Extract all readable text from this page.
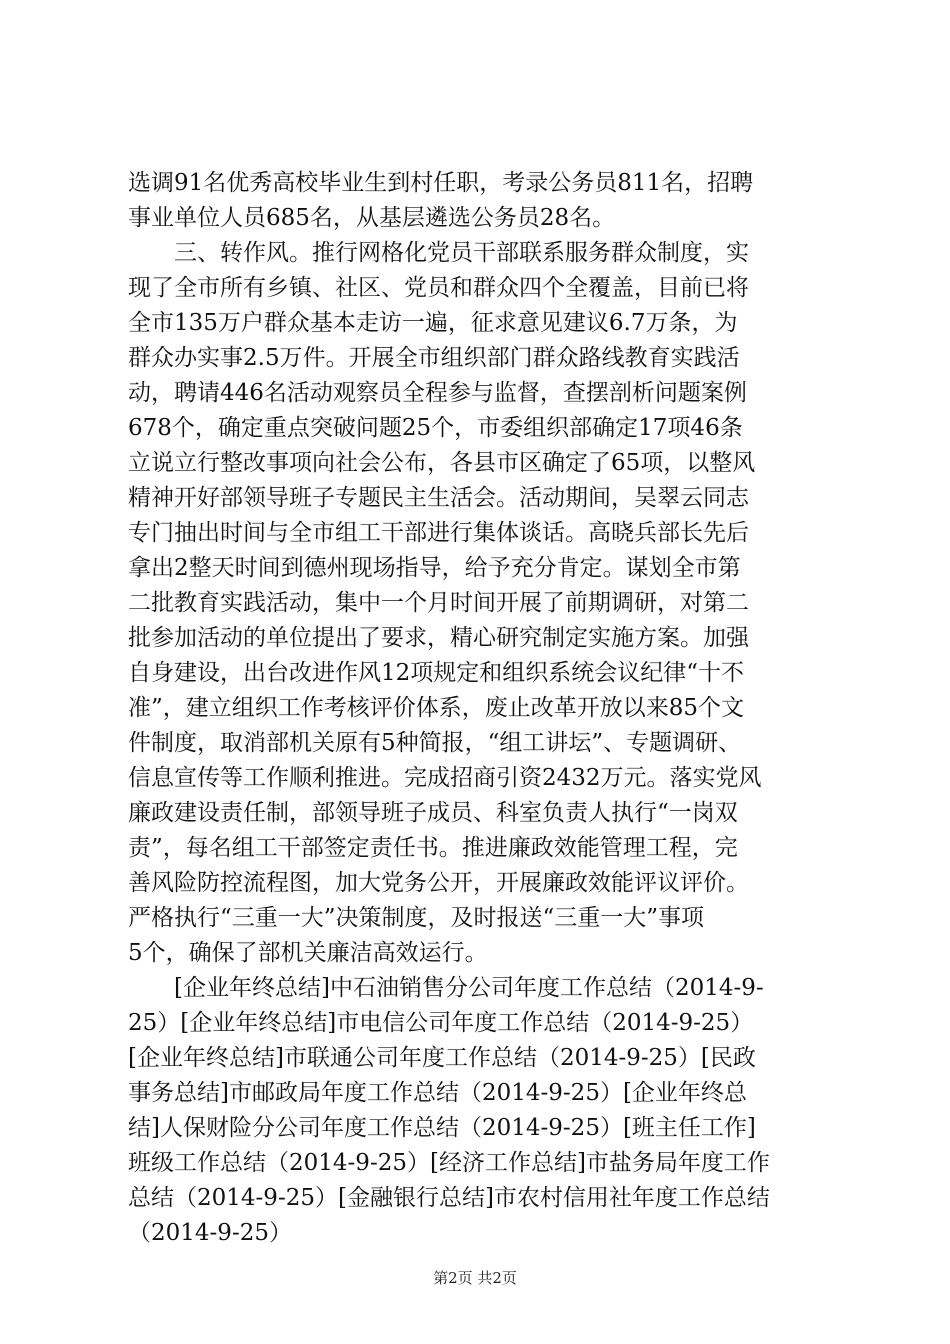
选调91名优秀高校毕业生到村任职，考录公务员811名，招聘
事业单位人员685名，从基层遴选公务员28名。
　　三、转作风。推行网格化党员干部联系服务群众制度，实
现了全市所有乡镇、社区、党员和群众四个全覆盖，目前已将
全市135万户群众基本走访一遍，征求意见建议6.7万条，为
群众办实事2.5万件。开展全市组织部门群众路线教育实践活
动，聘请446名活动观察员全程参与监督，查摆剖析问题案例
678个，确定重点突破问题25个，市委组织部确定17项46条
立说立行整改事项向社会公布，各县市区确定了65项，以整风
精神开好部领导班子专题民主生活会。活动期间，吴翠云同志
专门抽出时间与全市组工干部进行集体谈话。高晓兵部长先后
拿出2整天时间到德州现场指导，给予充分肯定。谋划全市第
二批教育实践活动，集中一个月时间开展了前期调研，对第二
批参加活动的单位提出了要求，精心研究制定实施方案。加强
自身建设，出台改进作风12项规定和组织系统会议纪律“十不
准”，建立组织工作考核评价体系，废止改革开放以来85个文
件制度，取消部机关原有5种简报，“组工讲坛”、专题调研、
信息宣传等工作顺利推进。完成招商引资2432万元。落实党风
廉政建设责任制，部领导班子成员、科室负责人执行“一岗双
责”，每名组工干部签定责任书。推进廉政效能管理工程，完
善风险防控流程图，加大党务公开，开展廉政效能评议评价。
严格执行“三重一大”决策制度，及时报送“三重一大”事项
5个，确保了部机关廉洁高效运行。
　　[企业年终总结]中石油销售分公司年度工作总结（2014-9-
25）[企业年终总结]市电信公司年度工作总结（2014-9-25）
[企业年终总结]市联通公司年度工作总结（2014-9-25）[民政
事务总结]市邮政局年度工作总结（2014-9-25）[企业年终总
结]人保财险分公司年度工作总结（2014-9-25）[班主任工作]
班级工作总结（2014-9-25）[经济工作总结]市盐务局年度工作
总结（2014-9-25）[金融银行总结]市农村信用社年度工作总结
（2014-9-25）
第2页 共2页
